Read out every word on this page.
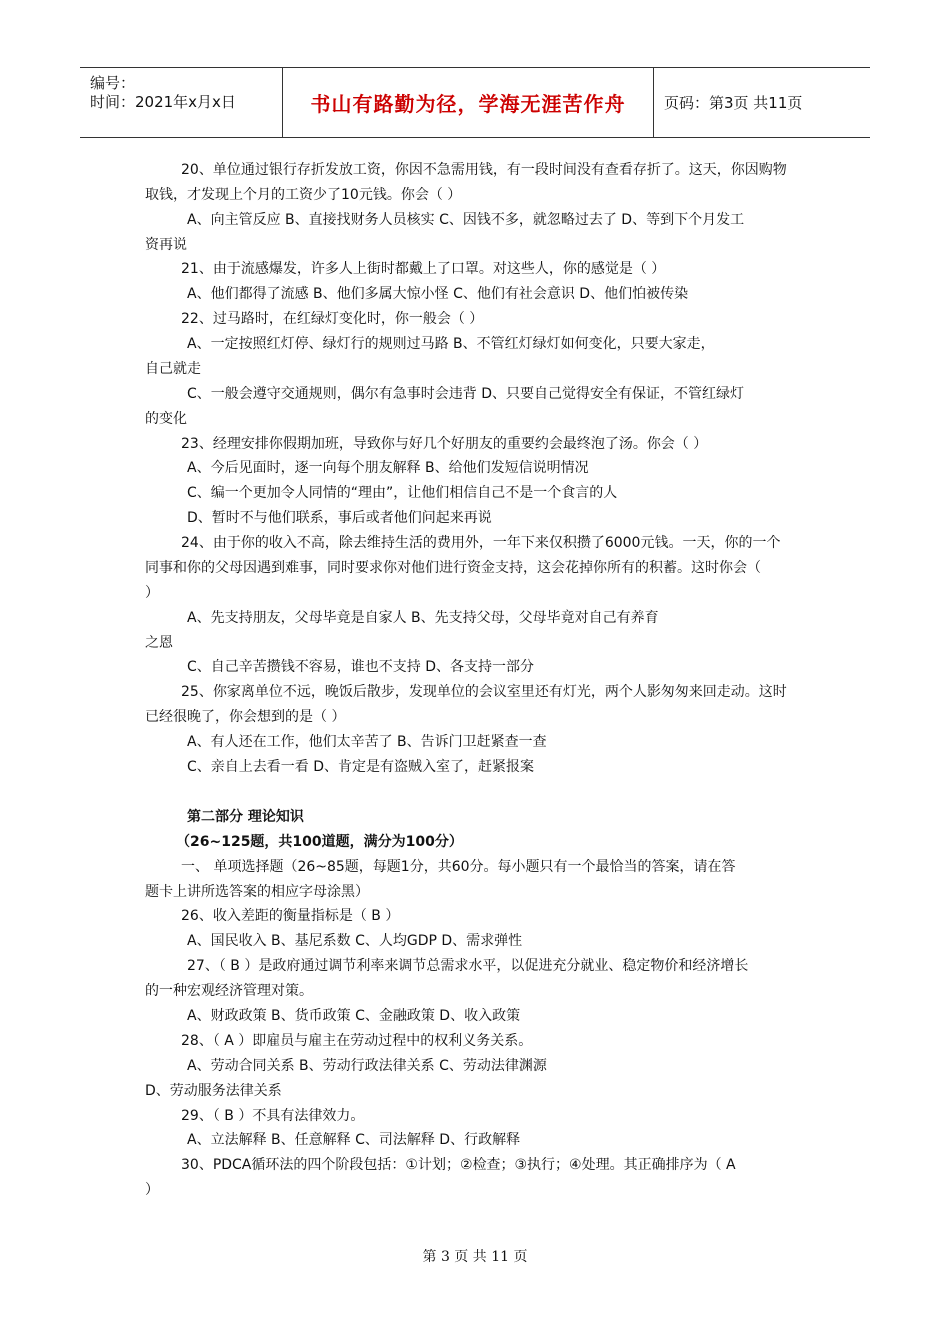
编号：
时间：2021年x月x日	书山有路勤为径，学海无涯苦作舟	页码：第3页 共11页
20、单位通过银行存折发放工资，你因不急需用钱，有一段时间没有查看存折了。这天，你因购物
取钱，才发现上个月的工资少了10元钱。你会（ ）
A、向主管反应 B、直接找财务人员核实 C、因钱不多，就忽略过去了 D、等到下个月发工
资再说
21、由于流感爆发，许多人上街时都戴上了口罩。对这些人，你的感觉是（ ）
A、他们都得了流感 B、他们多属大惊小怪 C、他们有社会意识 D、他们怕被传染
22、过马路时，在红绿灯变化时，你一般会（ ）
A、一定按照红灯停、绿灯行的规则过马路 B、不管红灯绿灯如何变化，只要大家走，
自己就走
C、一般会遵守交通规则，偶尔有急事时会违背 D、只要自己觉得安全有保证，不管红绿灯
的变化
23、经理安排你假期加班，导致你与好几个好朋友的重要约会最终泡了汤。你会（ ）
A、今后见面时，逐一向每个朋友解释 B、给他们发短信说明情况
C、编一个更加令人同情的“理由”，让他们相信自己不是一个食言的人
D、暂时不与他们联系，事后或者他们问起来再说
24、由于你的收入不高，除去维持生活的费用外，一年下来仅积攒了6000元钱。一天，你的一个
同事和你的父母因遇到难事，同时要求你对他们进行资金支持，这会花掉你所有的积蓄。这时你会（
）
A、先支持朋友，父母毕竟是自家人 B、先支持父母，父母毕竟对自己有养育
之恩
C、自己辛苦攒钱不容易，谁也不支持 D、各支持一部分
25、你家离单位不远，晚饭后散步，发现单位的会议室里还有灯光，两个人影匆匆来回走动。这时
已经很晚了，你会想到的是（ ）
A、有人还在工作，他们太辛苦了 B、告诉门卫赶紧查一查
C、亲自上去看一看 D、肯定是有盗贼入室了，赶紧报案
第二部分 理论知识
（26~125题，共100道题，满分为100分）
一、 单项选择题（26~85题，每题1分，共60分。每小题只有一个最恰当的答案，请在答
题卡上讲所选答案的相应字母涂黑）
26、收入差距的衡量指标是（ B ）
A、国民收入 B、基尼系数 C、人均GDP D、需求弹性
27、（ B ）是政府通过调节利率来调节总需求水平，以促进充分就业、稳定物价和经济增长
的一种宏观经济管理对策。
A、财政政策 B、货币政策 C、金融政策 D、收入政策
28、（ A ）即雇员与雇主在劳动过程中的权利义务关系。
A、劳动合同关系 B、劳动行政法律关系 C、劳动法律渊源
D、劳动服务法律关系
29、（ B ）不具有法律效力。
A、立法解释 B、任意解释 C、司法解释 D、行政解释
30、PDCA循环法的四个阶段包括：①计划；②检查；③执行；④处理。其正确排序为（ A
）
第 3 页 共 11 页
